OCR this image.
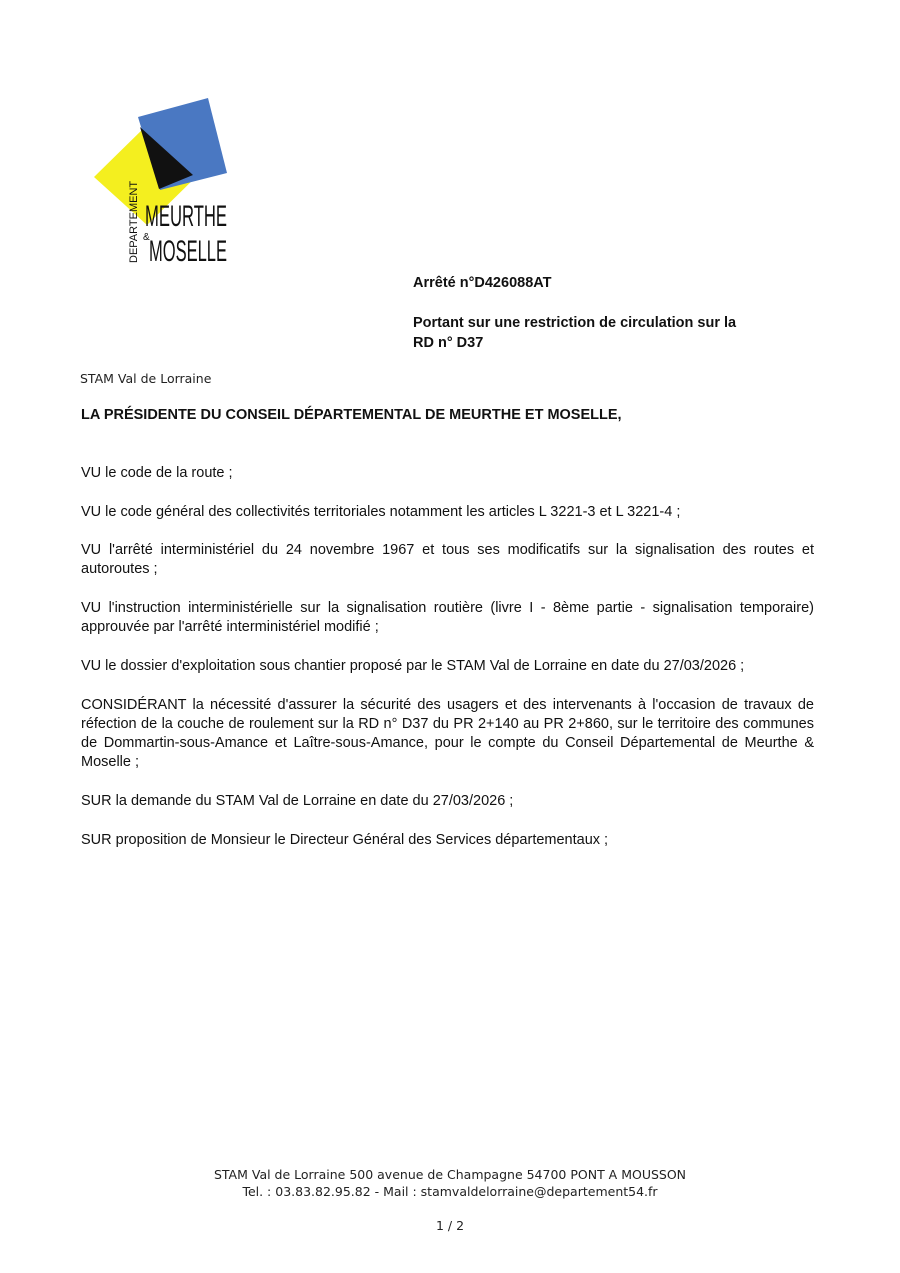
DEPARTEMENT MEURTHE
& MOSELLE

Arrêté n°D426088AT

Portant sur une restriction de circulation sur la
RD n° D37

STAM Val de Lorraine

LA PRÉSIDENTE DU CONSEIL DÉPARTEMENTAL DE MEURTHE ET MOSELLE,

VU le code de la route ;

VU le code général des collectivités territoriales notamment les articles L 3221-3 et L 3221-4 ;

VU l'arrêté interministériel du 24 novembre 1967 et tous ses modificatifs sur la signalisation des routes et autoroutes ;

VU l'instruction interministérielle sur la signalisation routière (livre I - 8ème partie - signalisation temporaire) approuvée par l'arrêté interministériel modifié ;

VU le dossier d'exploitation sous chantier proposé par le STAM Val de Lorraine en date du 27/03/2026 ;

CONSIDÉRANT la nécessité d'assurer la sécurité des usagers et des intervenants à l'occasion de travaux de réfection de la couche de roulement sur la RD n° D37 du PR 2+140 au PR 2+860, sur le territoire des communes de Dommartin-sous-Amance et Laître-sous-Amance, pour le compte du Conseil Départemental de Meurthe & Moselle ;

SUR la demande du STAM Val de Lorraine en date du 27/03/2026 ;

SUR proposition de Monsieur le Directeur Général des Services départementaux ;

STAM Val de Lorraine 500 avenue de Champagne 54700 PONT A MOUSSON
Tel. : 03.83.82.95.82 - Mail : stamvaldelorraine@departement54.fr
1 / 2
